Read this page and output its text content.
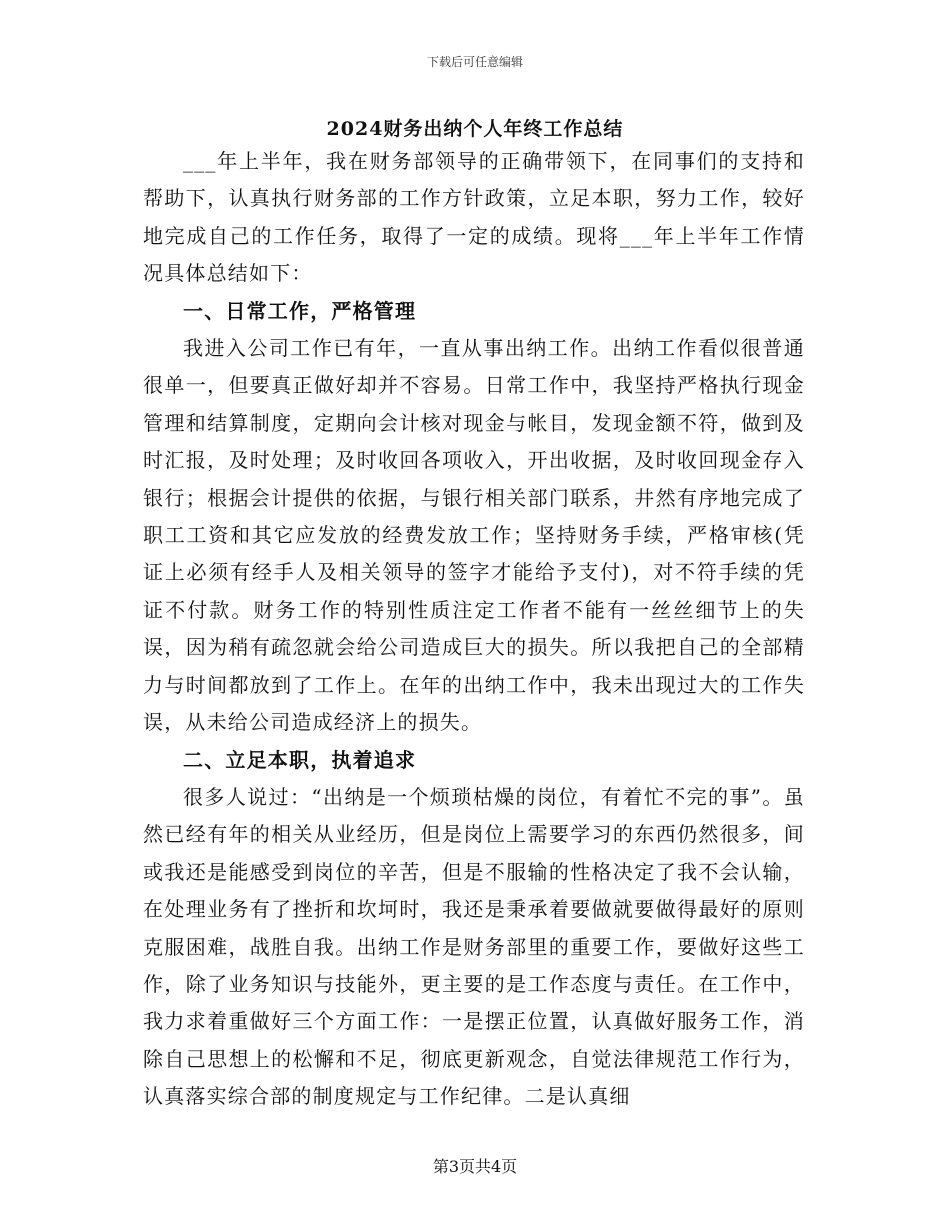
下载后可任意编辑
2024财务出纳个人年终工作总结

___年上半年，我在财务部领导的正确带领下，在同事们的支持和帮助下，认真执行财务部的工作方针政策，立足本职，努力工作，较好地完成自己的工作任务，取得了一定的成绩。现将___年上半年工作情况具体总结如下：

一、日常工作，严格管理

我进入公司工作已有年，一直从事出纳工作。出纳工作看似很普通很单一，但要真正做好却并不容易。日常工作中，我坚持严格执行现金管理和结算制度，定期向会计核对现金与帐目，发现金额不符，做到及时汇报，及时处理；及时收回各项收入，开出收据，及时收回现金存入银行；根据会计提供的依据，与银行相关部门联系，井然有序地完成了职工工资和其它应发放的经费发放工作；坚持财务手续，严格审核(凭证上必须有经手人及相关领导的签字才能给予支付)，对不符手续的凭证不付款。财务工作的特别性质注定工作者不能有一丝丝细节上的失误，因为稍有疏忽就会给公司造成巨大的损失。所以我把自己的全部精力与时间都放到了工作上。在年的出纳工作中，我未出现过大的工作失误，从未给公司造成经济上的损失。

二、立足本职，执着追求

很多人说过：“出纳是一个烦琐枯燥的岗位，有着忙不完的事”。虽然已经有年的相关从业经历，但是岗位上需要学习的东西仍然很多，间或我还是能感受到岗位的辛苦，但是不服输的性格决定了我不会认输，在处理业务有了挫折和坎坷时，我还是秉承着要做就要做得最好的原则克服困难，战胜自我。出纳工作是财务部里的重要工作，要做好这些工作，除了业务知识与技能外，更主要的是工作态度与责任。在工作中，我力求着重做好三个方面工作：一是摆正位置，认真做好服务工作，消除自己思想上的松懈和不足，彻底更新观念，自觉法律规范工作行为，认真落实综合部的制度规定与工作纪律。二是认真细

第3页共4页
